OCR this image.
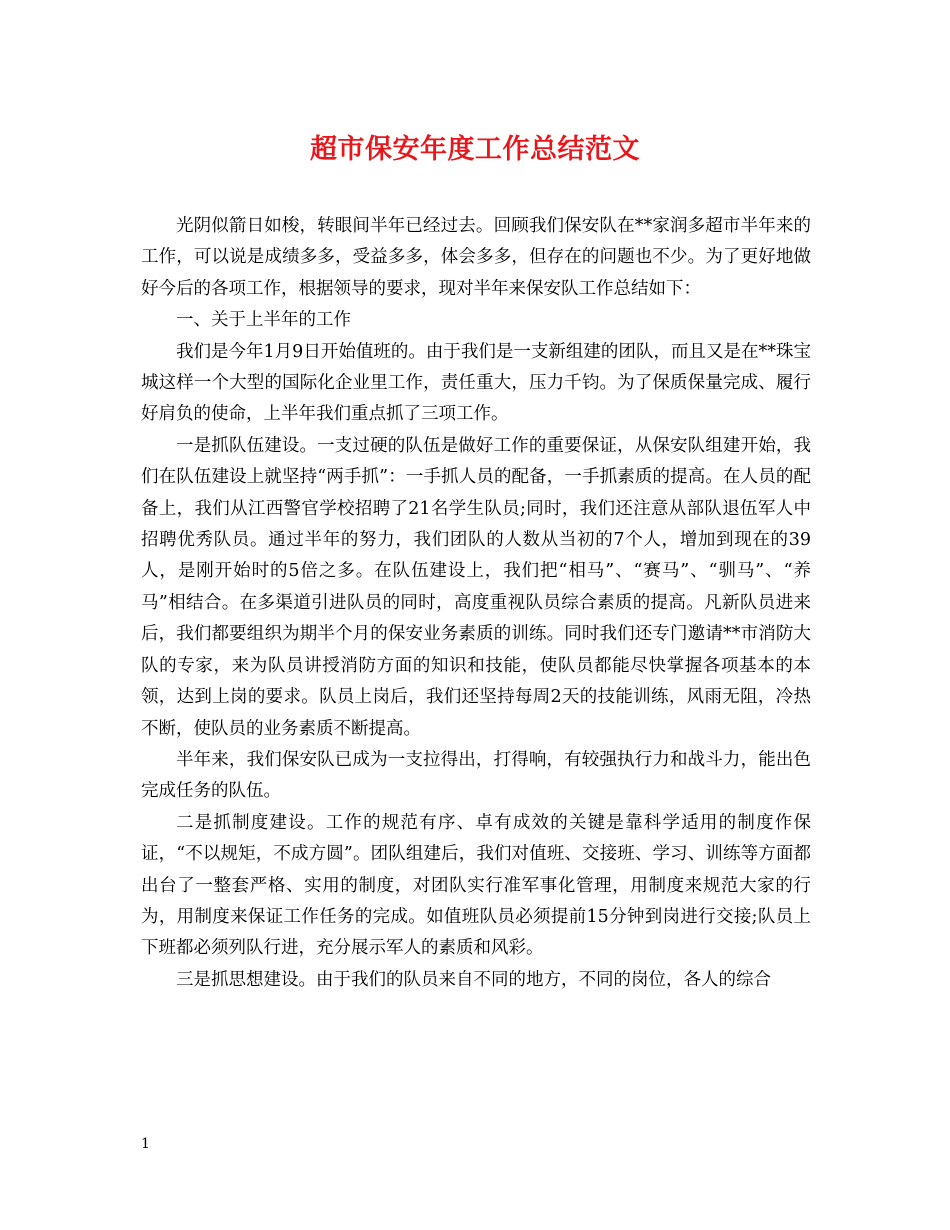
超市保安年度工作总结范文

光阴似箭日如梭，转眼间半年已经过去。回顾我们保安队在**家润多超市半年来的工作，可以说是成绩多多，受益多多，体会多多，但存在的问题也不少。为了更好地做好今后的各项工作，根据领导的要求，现对半年来保安队工作总结如下：

一、关于上半年的工作

我们是今年1月9日开始值班的。由于我们是一支新组建的团队，而且又是在**珠宝城这样一个大型的国际化企业里工作，责任重大，压力千钧。为了保质保量完成、履行好肩负的使命，上半年我们重点抓了三项工作。

一是抓队伍建设。一支过硬的队伍是做好工作的重要保证，从保安队组建开始，我们在队伍建设上就坚持“两手抓”：一手抓人员的配备，一手抓素质的提高。在人员的配备上，我们从江西警官学校招聘了21名学生队员;同时，我们还注意从部队退伍军人中招聘优秀队员。通过半年的努力，我们团队的人数从当初的7个人，增加到现在的39人，是刚开始时的5倍之多。在队伍建设上，我们把“相马”、“赛马”、“驯马”、“养马”相结合。在多渠道引进队员的同时，高度重视队员综合素质的提高。凡新队员进来后，我们都要组织为期半个月的保安业务素质的训练。同时我们还专门邀请**市消防大队的专家，来为队员讲授消防方面的知识和技能，使队员都能尽快掌握各项基本的本领，达到上岗的要求。队员上岗后，我们还坚持每周2天的技能训练，风雨无阻，冷热不断，使队员的业务素质不断提高。

半年来，我们保安队已成为一支拉得出，打得响，有较强执行力和战斗力，能出色完成任务的队伍。

二是抓制度建设。工作的规范有序、卓有成效的关键是靠科学适用的制度作保证，“不以规矩，不成方圆”。团队组建后，我们对值班、交接班、学习、训练等方面都出台了一整套严格、实用的制度，对团队实行准军事化管理，用制度来规范大家的行为，用制度来保证工作任务的完成。如值班队员必须提前15分钟到岗进行交接;队员上下班都必须列队行进，充分展示军人的素质和风彩。

三是抓思想建设。由于我们的队员来自不同的地方，不同的岗位，各人的综合

1
